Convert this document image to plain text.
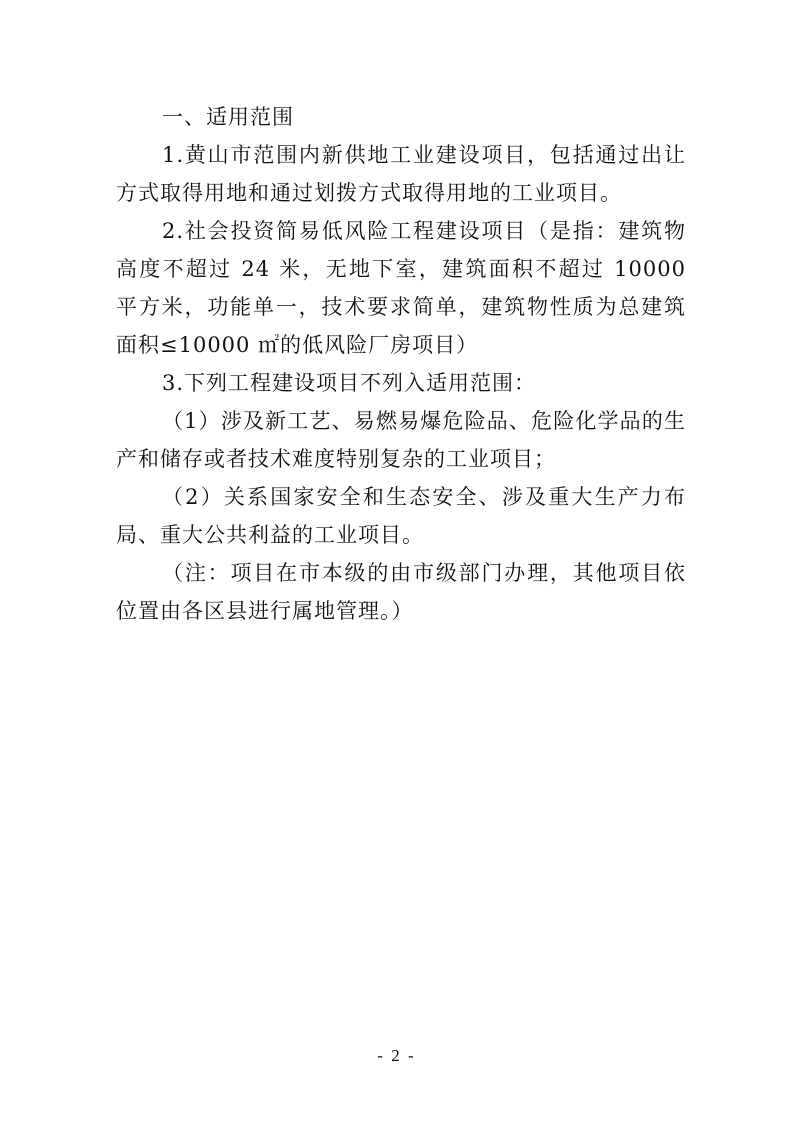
一、适用范围

1.黄山市范围内新供地工业建设项目，包括通过出让方式取得用地和通过划拨方式取得用地的工业项目。

2.社会投资简易低风险工程建设项目（是指：建筑物高度不超过 24 米，无地下室，建筑面积不超过 10000 平方米，功能单一，技术要求简单，建筑物性质为总建筑面积≤10000 ㎡的低风险厂房项目）

3.下列工程建设项目不列入适用范围：

（1）涉及新工艺、易燃易爆危险品、危险化学品的生产和储存或者技术难度特别复杂的工业项目；

（2）关系国家安全和生态安全、涉及重大生产力布局、重大公共利益的工业项目。

（注：项目在市本级的由市级部门办理，其他项目依位置由各区县进行属地管理。）

- 2 -
